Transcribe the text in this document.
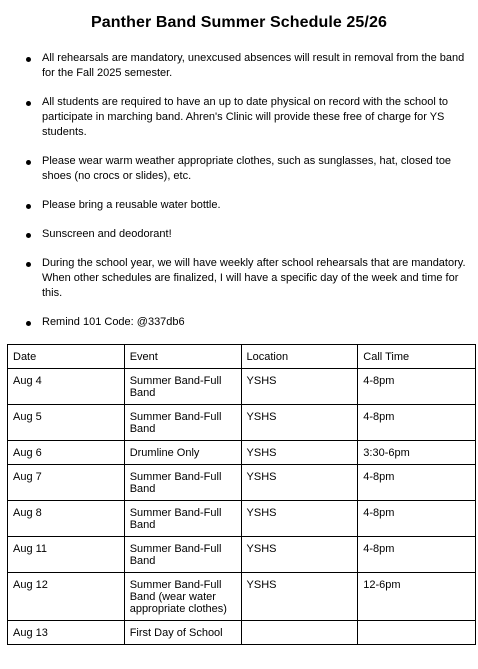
Panther Band Summer Schedule 25/26
All rehearsals are mandatory, unexcused absences will result in removal from the band for the Fall 2025 semester.
All students are required to have an up to date physical on record with the school to participate in marching band. Ahren's Clinic will provide these free of charge for YS students.
Please wear warm weather appropriate clothes, such as sunglasses, hat, closed toe shoes (no crocs or slides), etc.
Please bring a reusable water bottle.
Sunscreen and deodorant!
During the school year, we will have weekly after school rehearsals that are mandatory. When other schedules are finalized, I will have a specific day of the week and time for this.
Remind 101 Code: @337db6
Date	Event	Location	Call Time
Aug 4	Summer Band-Full Band	YSHS	4-8pm
Aug 5	Summer Band-Full Band	YSHS	4-8pm
Aug 6	Drumline Only	YSHS	3:30-6pm
Aug 7	Summer Band-Full Band	YSHS	4-8pm
Aug 8	Summer Band-Full Band	YSHS	4-8pm
Aug 11	Summer Band-Full Band	YSHS	4-8pm
Aug 12	Summer Band-Full Band (wear water appropriate clothes)	YSHS	12-6pm
Aug 13	First Day of School		
